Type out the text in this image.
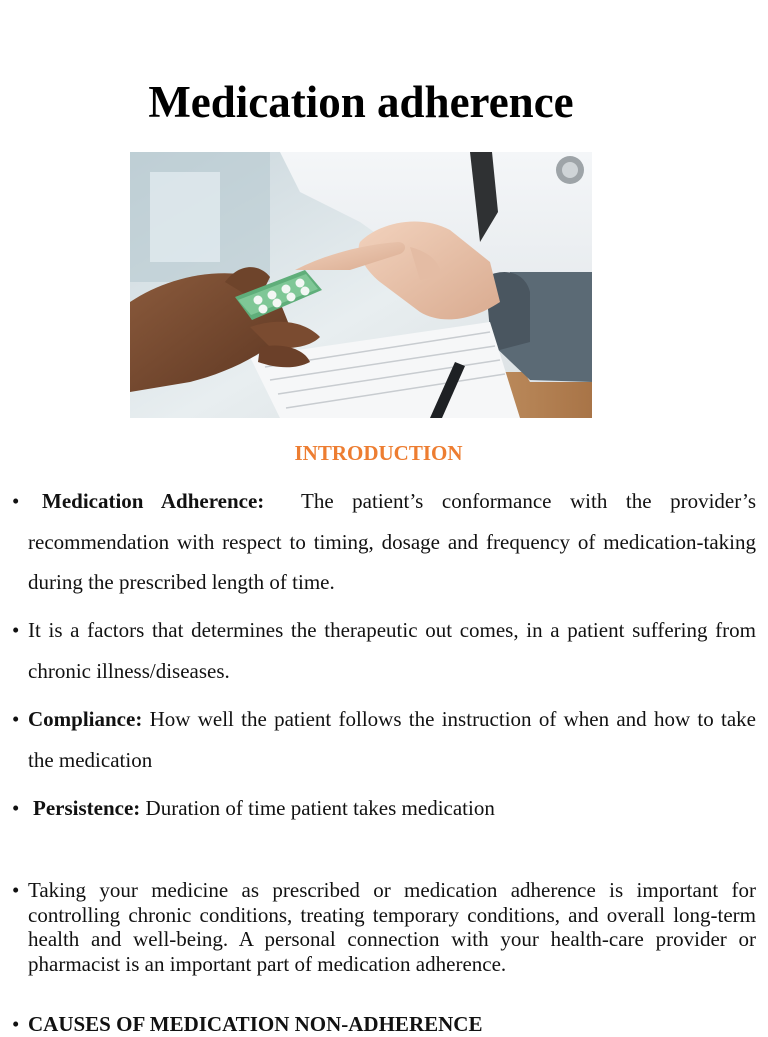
Medication adherence
INTRODUCTION
•	Medication Adherence: The patient’s conformance with the provider’s recommendation with respect to timing, dosage and frequency of medication-taking during the prescribed length of time.
• It is a factors that determines the therapeutic out comes, in a patient suffering from chronic illness/diseases.
• Compliance: How well the patient follows the instruction of when and how to take the medication
• Persistence: Duration of time patient takes medication
• Taking your medicine as prescribed or medication adherence is important for controlling chronic conditions, treating temporary conditions, and overall long-term health and well-being. A personal connection with your health-care provider or pharmacist is an important part of medication adherence.
• CAUSES OF MEDICATION NON-ADHERENCE
